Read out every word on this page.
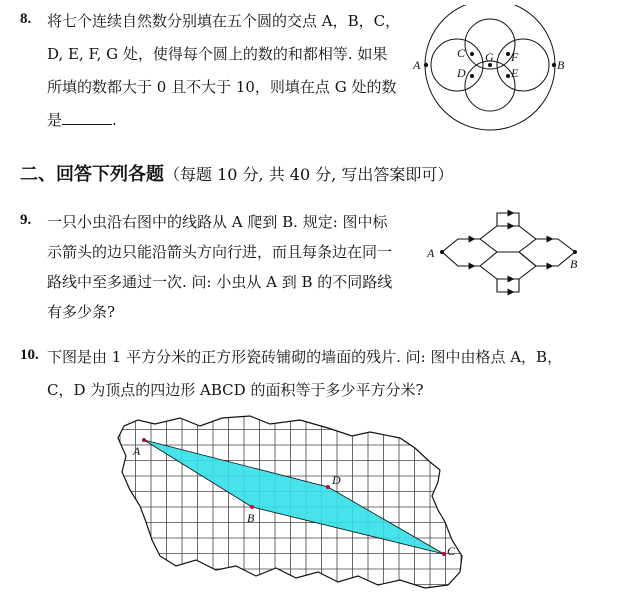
8. 将七个连续自然数分别填在五个圆的交点 A，B，C，
D, E, F, G 处，使得每个圆上的数的和都相等. 如果
所填的数都大于 0 且不大于 10，则填在点 G 处的数
是	.
A	B
C
D	E
F
G
二、回答下列各题（每题 10 分, 共 40 分, 写出答案即可）
9. 一只小虫沿右图中的线路从 A 爬到 B. 规定: 图中标
示箭头的边只能沿箭头方向行进，而且每条边在同一
路线中至多通过一次. 问: 小虫从 A 到 B 的不同路线
有多少条?
A
B
10. 下图是由 1 平方分米的正方形瓷砖铺砌的墙面的残片. 问: 图中由格点 A，B，
C，D 为顶点的四边形 ABCD 的面积等于多少平方分米?
A
B
C
D
